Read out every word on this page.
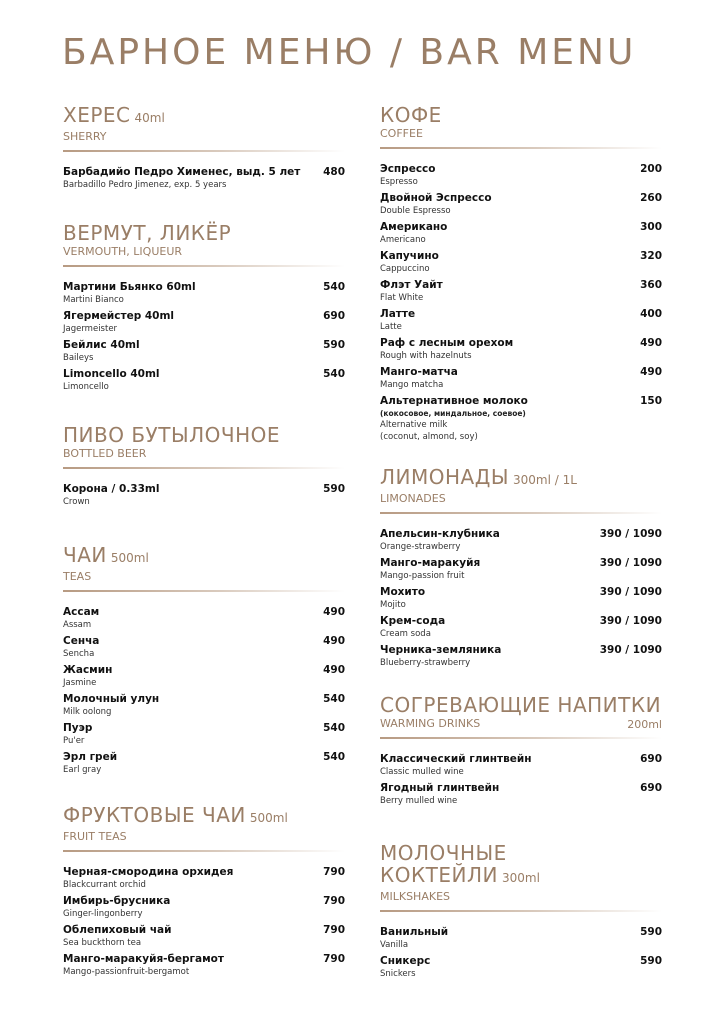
БАРНОЕ МЕНЮ / BAR MENU
ХЕРЕС 40ml
SHERRY
Барбадийо Педро Хименес, выд. 5 лет	480
Barbadillo Pedro Jimenez, exp. 5 years
ВЕРМУТ, ЛИКЁР
VERMOUTH, LIQUEUR
Мартини Бьянко 60ml	540
Martini Bianco
Ягермейстер 40ml	690
Jagermeister
Бейлис 40ml	590
Baileys
Limoncello 40ml	540
Limoncello
ПИВО БУТЫЛОЧНОЕ
BOTTLED BEER
Корона / 0.33ml	590
Crown
ЧАИ 500ml
TEAS
Ассам	490
Assam
Сенча	490
Sencha
Жасмин	490
Jasmine
Молочный улун	540
Milk oolong
Пуэр	540
Pu'er
Эрл грей	540
Earl gray
ФРУКТОВЫЕ ЧАИ 500ml
FRUIT TEAS
Черная-смородина орхидея	790
Blackcurrant orchid
Имбирь-брусника	790
Ginger-lingonberry
Облепиховый чай	790
Sea buckthorn tea
Манго-маракуйя-бергамот	790
Mango-passionfruit-bergamot
КОФЕ
COFFEE
Эспрессо	200
Espresso
Двойной Эспрессо	260
Double Espresso
Американо	300
Americano
Капучино	320
Cappuccino
Флэт Уайт	360
Flat White
Латте	400
Latte
Раф с лесным орехом	490
Rough with hazelnuts
Манго-матча	490
Mango matcha
Альтернативное молоко	150
(кокосовое, миндальное, соевое)
Alternative milk
(coconut, almond, soy)
ЛИМОНАДЫ 300ml / 1L
LIMONADES
Апельсин-клубника	390 / 1090
Orange-strawberry
Манго-маракуйя	390 / 1090
Mango-passion fruit
Мохито	390 / 1090
Mojito
Крем-сода	390 / 1090
Cream soda
Черника-земляника	390 / 1090
Blueberry-strawberry
СОГРЕВАЮЩИЕ НАПИТКИ
WARMING DRINKS	200ml
Классический глинтвейн	690
Classic mulled wine
Ягодный глинтвейн	690
Berry mulled wine
МОЛОЧНЫЕ
КОКТЕЙЛИ 300ml
MILKSHAKES
Ванильный	590
Vanilla
Сникерс	590
Snickers
